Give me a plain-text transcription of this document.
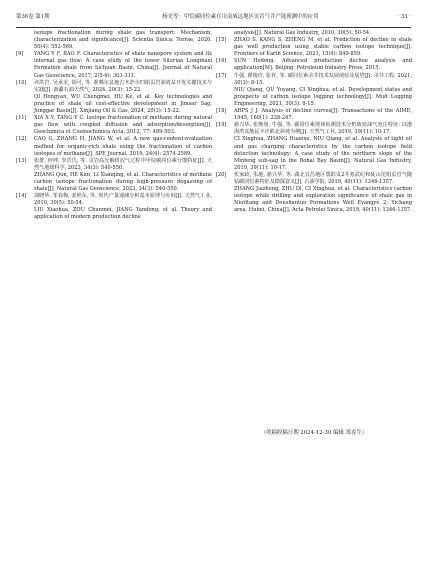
第36卷 第1期	杨光等：甲烷碳同位素在川南威远地区页岩气井产能预测中的应用	· 33 ·
isotope fractionation during shale gas transport: Mechanism, characterization and significance[J]. Scientia Sinica: Terrae, 2020, 50(4): 553-569.
[9]	YANG Y F, BAO F. Characteristics of shale nanopore system and its internal gas flow: A case study of the lower Silurian Longmaxi Formation shale from Sichuan Basin, China[J]. Journal of Natural Gas Geoscience, 2017, 2(5-6): 303-311.
[10]	齐洪岩, 吴承美, 胡可, 等. 准噶尔盆地吉木萨尔凹陷页岩油效益开发关键技术与实践[J]. 新疆石油天然气, 2024, 20(3): 15-22.
QI Hongyan, WU Chengmei, HU Ke, et al. Key technologies and practice of shale oil cost-effective development in Jimsar Sag, Junggar Basin[J]. Xinjiang Oil & Gas, 2024, 20(3): 15-22.
[11]	XIA X Y, TANG Y C. Isotope fractionation of methane during natural gas flow with coupled diffusion and adsorption/desorption[J]. Geochimica et Cosmochimica Acta, 2012, 77: 489-503.
[12]	CAO G, ZHANG H, JIANG W, et al. A new gas-content-evaluation method for organic-rich shale using the fractionation of carbon isotopes of methane[J]. SPE Journal, 2019, 24(6): 2574-2589.
[13]	张群, 何坤, 李晋氏, 等. 页岩高压解析放气过程中甲烷碳同位素分馏特征[J]. 天然气地球科学, 2023, 34(3): 540-550.
ZHANG Qun, HE Kun, LI Xianqing, et al. Characteristics of methane carbon isotope fractionation during high-pressure degassing of shale[J]. Natural Gas Geoscience, 2023, 34(3): 540-550.
[14]	刘晓华, 邹春梅, 姜艳东, 等. 现代产量递减分析基本原理与应用[J]. 天然气工业, 2010, 30(5): 50-54.
LIU Xiaohua, ZOU Chunmei, JIANG Yandong, et al. Theory and application of modern production decline
analysis[J]. Natural Gas Industry, 2010, 30(5): 50-54.
[15]	ZHAO S, KANG S, ZHENG M, et al. Prediction of decline in shale gas well production using stable carbon isotope technique[J]. Frontiers of Earth Science, 2021, 15(4): 849-859.
[16]	SUN Hedong. Advanced production decline analysis and application[M]. Beijing: Petroleum Industry Press, 2015.
[17]	牛强, 瞿俊玲, 张祥, 等. 碳同位素录井技术发展现状及展望[J]. 录井工程, 2021, 30(3): 8-15.
NIU Qiang, QU Yuyang, CI Xinghua, et al. Development status and prospects of carbon isotope logging technology[J]. Mud Logging Engineering, 2021, 30(3): 8-15.
[18]	ARPS J J. Analysis of decline curves[J]. Transactions of the AIME, 1945, 160(1): 228-247.
[19]	慈兴华, 张焕旭, 牛强, 等. 碳同位素现场检测技术分析致密油气充注特征: 以渤海湾盆地民丰洼陷北斜坡为例[J]. 天然气工业, 2019, 39(11): 10-17.
CI Xinghua, ZHANG Huanxu, NIU Qiang, et al. Analysis of tight oil and gas charging characteristics by the carbon isotope field detection technology: A case study of the northern slope of the Minfeng sub-sag in the Bohai Bay Basin[J]. Natural Gas Industry, 2019, 39(11): 10-17.
[20]	张家政, 朱地, 慈兴华, 等. 湖北宜昌地区鄂阳页2井寒武纪和陡山沱组页岩气随钻碳同位素特征及勘探意义[J]. 石油学报, 2019, 40(11): 1346-1357.
ZHANG Jiazheng, ZHU Di, CI Xinghua, et al. Characteristics carbon isotope while drilling and exploration significance of shale gas in Niutitang and Doushantuo Formations Well Eyangye 2, Yichang area, Hubei, China[J]. Acta Petrolei Sinica, 2019, 40(11): 1346-1357.
（收稿收稿日期 2024-12-30 编辑 郑春生）
